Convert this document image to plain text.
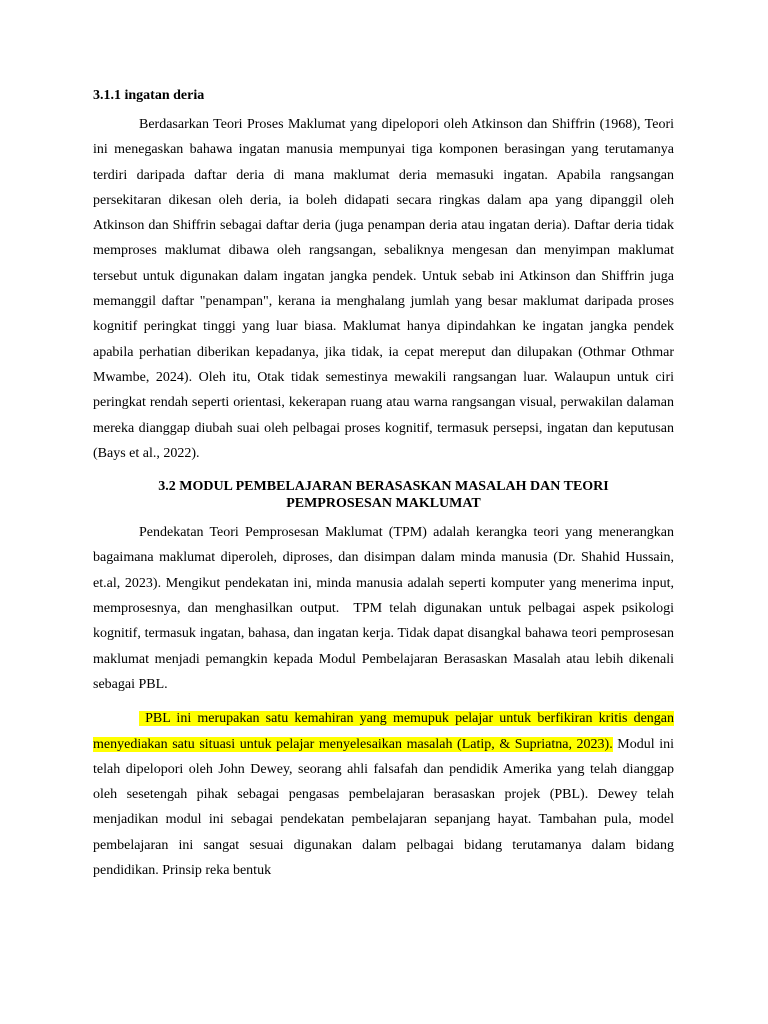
3.1.1 ingatan deria

Berdasarkan Teori Proses Maklumat yang dipelopori oleh Atkinson dan Shiffrin (1968), Teori ini menegaskan bahawa ingatan manusia mempunyai tiga komponen berasingan yang terutamanya terdiri daripada daftar deria di mana maklumat deria memasuki ingatan. Apabila rangsangan persekitaran dikesan oleh deria, ia boleh didapati secara ringkas dalam apa yang dipanggil oleh Atkinson dan Shiffrin sebagai daftar deria (juga penampan deria atau ingatan deria). Daftar deria tidak memproses maklumat dibawa oleh rangsangan, sebaliknya mengesan dan menyimpan maklumat tersebut untuk digunakan dalam ingatan jangka pendek. Untuk sebab ini Atkinson dan Shiffrin juga memanggil daftar "penampan", kerana ia menghalang jumlah yang besar maklumat daripada proses kognitif peringkat tinggi yang luar biasa. Maklumat hanya dipindahkan ke ingatan jangka pendek apabila perhatian diberikan kepadanya, jika tidak, ia cepat mereput dan dilupakan (Othmar Othmar Mwambe, 2024). Oleh itu, Otak tidak semestinya mewakili rangsangan luar. Walaupun untuk ciri peringkat rendah seperti orientasi, kekerapan ruang atau warna rangsangan visual, perwakilan dalaman mereka dianggap diubah suai oleh pelbagai proses kognitif, termasuk persepsi, ingatan dan keputusan (Bays et al., 2022).

3.2 MODUL PEMBELAJARAN BERASASKAN MASALAH DAN TEORI
PEMPROSESAN MAKLUMAT

Pendekatan Teori Pemprosesan Maklumat (TPM) adalah kerangka teori yang menerangkan bagaimana maklumat diperoleh, diproses, dan disimpan dalam minda manusia (Dr. Shahid Hussain, et.al, 2023). Mengikut pendekatan ini, minda manusia adalah seperti komputer yang menerima input, memprosesnya, dan menghasilkan output.  TPM telah digunakan untuk pelbagai aspek psikologi kognitif, termasuk ingatan, bahasa, dan ingatan kerja. Tidak dapat disangkal bahawa teori pemprosesan maklumat menjadi pemangkin kepada Modul Pembelajaran Berasaskan Masalah atau lebih dikenali sebagai PBL.

PBL ini merupakan satu kemahiran yang memupuk pelajar untuk berfikiran kritis dengan menyediakan satu situasi untuk pelajar menyelesaikan masalah (Latip, & Supriatna, 2023). Modul ini telah dipelopori oleh John Dewey, seorang ahli falsafah dan pendidik Amerika yang telah dianggap oleh sesetengah pihak sebagai pengasas pembelajaran berasaskan projek (PBL). Dewey telah menjadikan modul ini sebagai pendekatan pembelajaran sepanjang hayat. Tambahan pula, model pembelajaran ini sangat sesuai digunakan dalam pelbagai bidang terutamanya dalam bidang pendidikan. Prinsip reka bentuk
